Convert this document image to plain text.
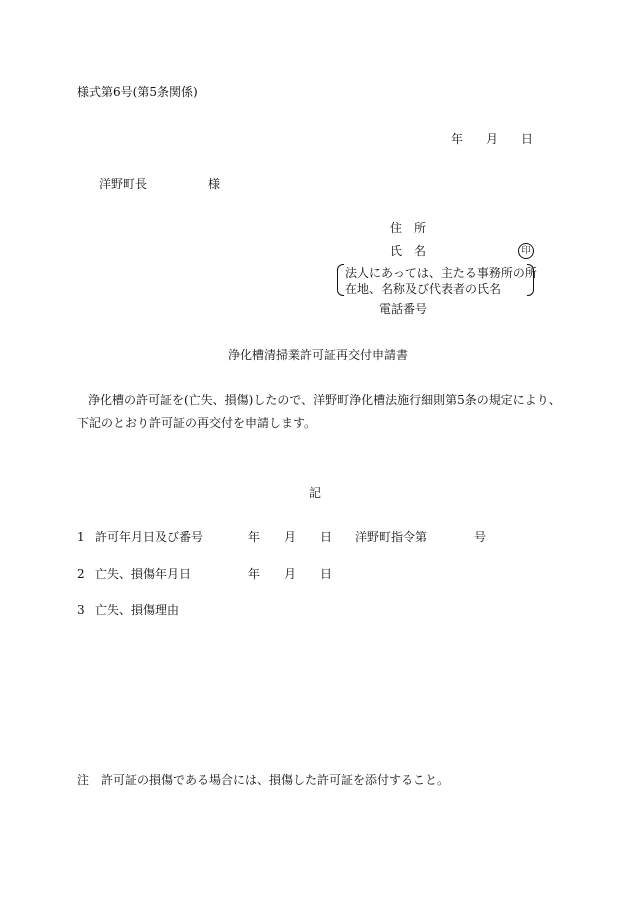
様式第6号(第5条関係)
年 月 日
洋野町長	様
住　所
氏　名	印
法人にあっては、主たる事務所の所
在地、名称及び代表者の氏名
電話番号
浄化槽清掃業許可証再交付申請書
浄化槽の許可証を(亡失、損傷)したので、洋野町浄化槽法施行細則第5条の規定により、
下記のとおり許可証の再交付を申請します。
記
1 許可年月日及び番号	年 月 日 洋野町指令第	号
2 亡失、損傷年月日	年 月 日
3 亡失、損傷理由
注 許可証の損傷である場合には、損傷した許可証を添付すること。
